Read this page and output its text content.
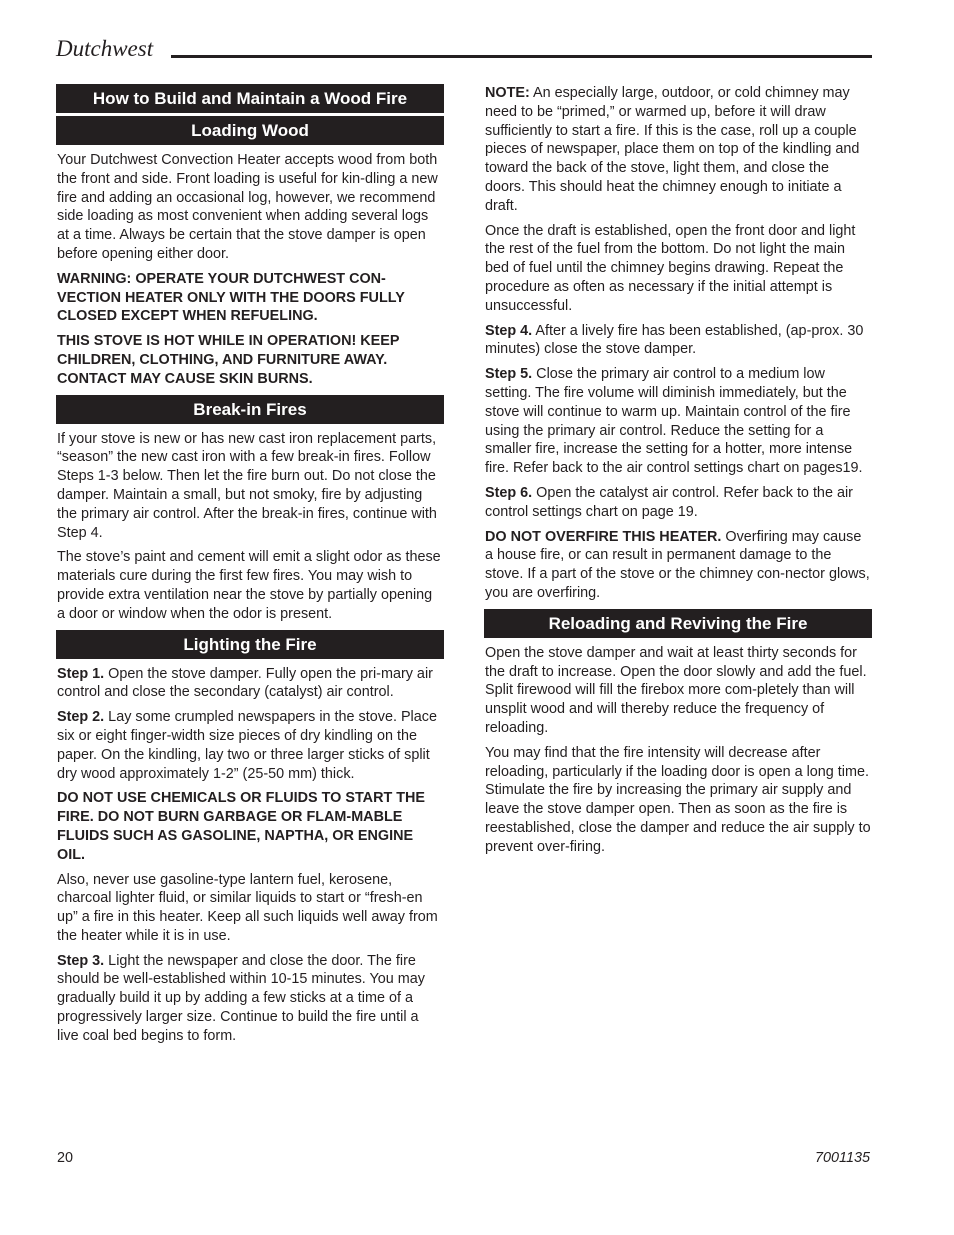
Dutchwest
How to Build and Maintain a Wood Fire
Loading Wood

Your Dutchwest Convection Heater accepts wood from both the front and side. Front loading is useful for kin-dling a new fire and adding an occasional log, however, we recommend side loading as most convenient when adding several logs at a time. Always be certain that the stove damper is open before opening either door.

WARNING: OPERATE YOUR DUTCHWEST CON-VECTION HEATER ONLY WITH THE DOORS FULLY CLOSED EXCEPT WHEN REFUELING.

THIS STOVE IS HOT WHILE IN OPERATION! KEEP CHILDREN, CLOTHING, AND FURNITURE AWAY. CONTACT MAY CAUSE SKIN BURNS.

Break-in Fires

If your stove is new or has new cast iron replacement parts, “season” the new cast iron with a few break-in fires. Follow Steps 1-3 below. Then let the fire burn out. Do not close the damper. Maintain a small, but not smoky, fire by adjusting the primary air control. After the break-in fires, continue with Step 4.

The stove’s paint and cement will emit a slight odor as these materials cure during the first few fires. You may wish to provide extra ventilation near the stove by partially opening a door or window when the odor is present.

Lighting the Fire

Step 1. Open the stove damper. Fully open the pri-mary air control and close the secondary (catalyst) air control.

Step 2. Lay some crumpled newspapers in the stove. Place six or eight finger-width size pieces of dry kindling on the paper. On the kindling, lay two or three larger sticks of split dry wood approximately 1-2” (25-50 mm) thick.

DO NOT USE CHEMICALS OR FLUIDS TO START THE FIRE. DO NOT BURN GARBAGE OR FLAM-MABLE FLUIDS SUCH AS GASOLINE, NAPTHA, OR ENGINE OIL.

Also, never use gasoline-type lantern fuel, kerosene, charcoal lighter fluid, or similar liquids to start or “fresh-en up” a fire in this heater. Keep all such liquids well away from the heater while it is in use.

Step 3. Light the newspaper and close the door. The fire should be well-established within 10-15 minutes. You may gradually build it up by adding a few sticks at a time of a progressively larger size. Continue to build the fire until a live coal bed begins to form.

NOTE: An especially large, outdoor, or cold chimney may need to be “primed,” or warmed up, before it will draw sufficiently to start a fire. If this is the case, roll up a couple pieces of newspaper, place them on top of the kindling and toward the back of the stove, light them, and close the doors. This should heat the chimney enough to initiate a draft.

Once the draft is established, open the front door and light the rest of the fuel from the bottom. Do not light the main bed of fuel until the chimney begins drawing. Repeat the procedure as often as necessary if the initial attempt is unsuccessful.

Step 4. After a lively fire has been established, (ap-prox. 30 minutes) close the stove damper.

Step 5. Close the primary air control to a medium low setting. The fire volume will diminish immediately, but the stove will continue to warm up. Maintain control of the fire using the primary air control. Reduce the setting for a smaller fire, increase the setting for a hotter, more intense fire. Refer back to the air control settings chart on pages19.

Step 6. Open the catalyst air control. Refer back to the air control settings chart on page 19.

DO NOT OVERFIRE THIS HEATER. Overfiring may cause a house fire, or can result in permanent damage to the stove. If a part of the stove or the chimney con-nector glows, you are overfiring.

Reloading and Reviving the Fire

Open the stove damper and wait at least thirty seconds for the draft to increase. Open the door slowly and add the fuel. Split firewood will fill the firebox more com-pletely than will unsplit wood and will thereby reduce the frequency of reloading.

You may find that the fire intensity will decrease after reloading, particularly if the loading door is open a long time. Stimulate the fire by increasing the primary air supply and leave the stove damper open. Then as soon as the fire is reestablished, close the damper and reduce the air supply to prevent over-firing.

20	7001135
